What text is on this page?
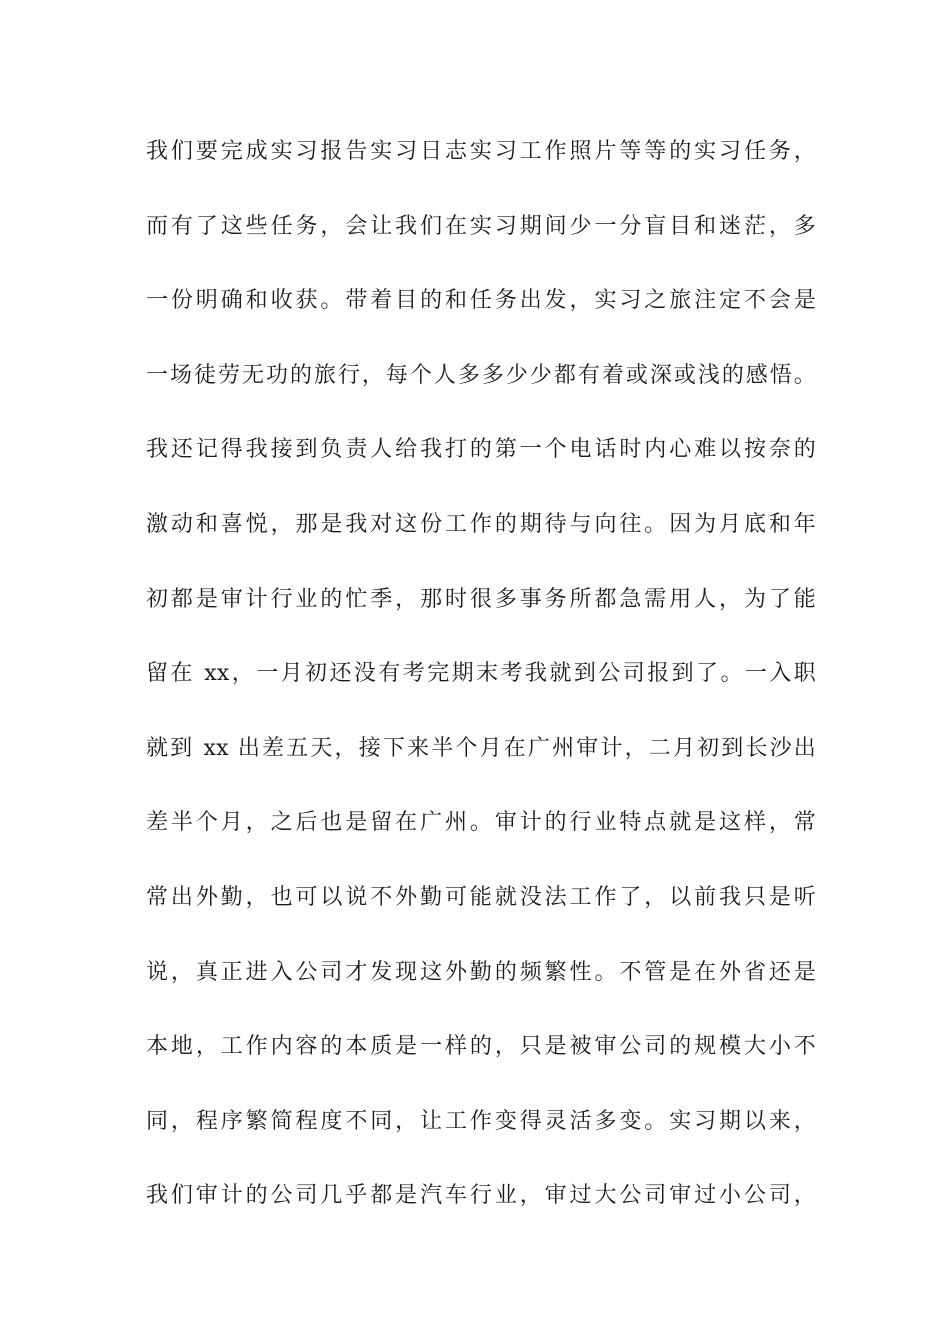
我们要完成实习报告实习日志实习工作照片等等的实习任务，
而有了这些任务，会让我们在实习期间少一分盲目和迷茫，多
一份明确和收获。带着目的和任务出发，实习之旅注定不会是
一场徒劳无功的旅行，每个人多多少少都有着或深或浅的感悟。
我还记得我接到负责人给我打的第一个电话时内心难以按奈的
激动和喜悦，那是我对这份工作的期待与向往。因为月底和年
初都是审计行业的忙季，那时很多事务所都急需用人，为了能
留在 xx，一月初还没有考完期末考我就到公司报到了。一入职
就到 xx 出差五天，接下来半个月在广州审计，二月初到长沙出
差半个月，之后也是留在广州。审计的行业特点就是这样，常
常出外勤，也可以说不外勤可能就没法工作了，以前我只是听
说，真正进入公司才发现这外勤的频繁性。不管是在外省还是
本地，工作内容的本质是一样的，只是被审公司的规模大小不
同，程序繁简程度不同，让工作变得灵活多变。实习期以来，
我们审计的公司几乎都是汽车行业，审过大公司审过小公司，
